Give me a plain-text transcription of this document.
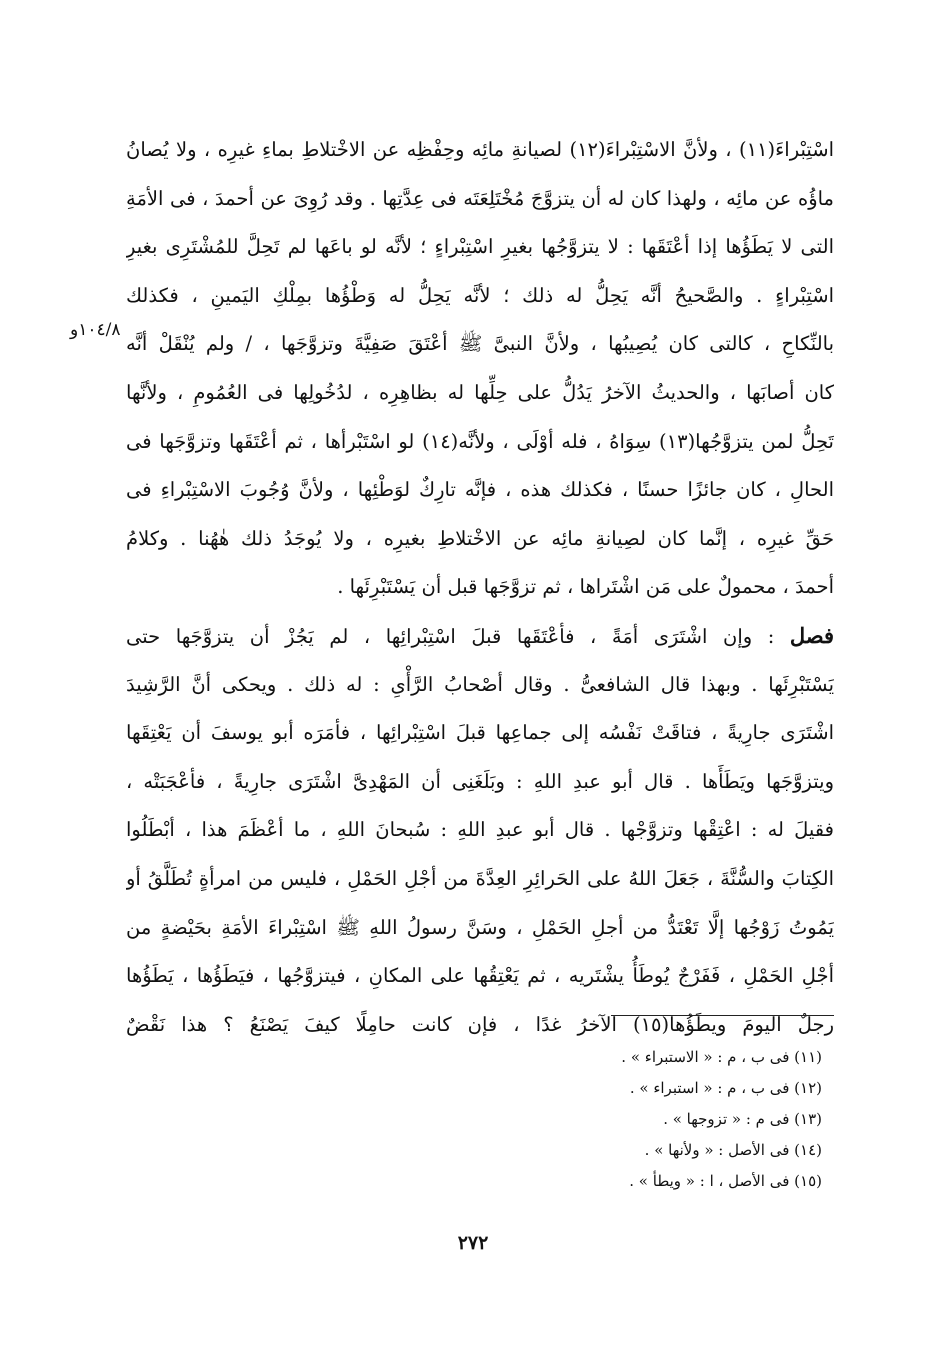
اسْتِبْراءَ(١١) ، ولأنَّ الاسْتِبْراءَ(١٢) لصيانةِ مائِه وحِفْظِه عن الاخْتلاطِ بماءِ غيرِه ، ولا يُصانُ
ماؤُه عن مائِه ، ولهذا كان له أن يتزوَّجَ مُخْتَلِعَتَه فى عِدَّتِها . وقد رُوِىَ عن أحمدَ ، فى الأمَةِ
التى لا يَطَؤُها إذا أعْتَقَها : لا يتزوَّجُها بغيرِ اسْتِبْراءٍ ؛ لأنَّه لو باعَها لم تَحِلَّ للمُشْتَرِى بغيرِ
اسْتِبْراءٍ . والصَّحيحُ أنَّه يَحِلُّ له ذلك ؛ لأنَّه يَحِلُّ له وَطْؤُها بمِلْكِ اليَمينِ ، فكذلك
بالنِّكاحِ ، كالتى كان يُصِيبُها ، ولأنَّ النبىَّ ﷺ أعْتَقَ صَفِيَّةَ وتزوَّجَها ، / ولم يُنْقَلْ أنَّه
كان أصابَها ، والحديثُ الآخرُ يَدُلُّ على حِلِّها له بظاهِرِه ، لدُخُولِها فى العُمُومِ ، ولأنَّها
تَحِلُّ لمن يتزوَّجُها(١٣) سِوَاهُ ، فله أوْلَى ، ولأنَّه(١٤) لو اسْتَبْرأها ، ثم أعْتَقَها وتزوَّجَها فى
الحالِ ، كان جائزًا حسنًا ، فكذلك هذه ، فإنَّه تارِكٌ لوَطْئِها ، ولأنَّ وُجُوبَ الاسْتِبْراءِ فى
حَقِّ غيرِه ، إنَّما كان لصِيانةِ مائِه عن الاخْتلاطِ بغيرِه ، ولا يُوجَدُ ذلك هٰهُنا . وكلامُ
أحمدَ ، محمولٌ على مَن اشْتَراها ، ثم تزوَّجَها قبل أن يَسْتَبْرِئَها .
فصل : وإن اشْتَرَى أمَةً ، فأعْتَقَها قبلَ اسْتِبْرائِها ، لم يَجُزْ أن يتزوَّجَها حتى
يَسْتَبْرِئَها . وبهذا قال الشافعىُّ . وقال أصْحابُ الرَّأْىِ : له ذلك . ويحكى أنَّ الرَّشِيدَ
اشْتَرَى جارِيةً ، فتاقَتْ نَفْسُه إلى جماعِها قبلَ اسْتِبْرائِها ، فأمَرَه أبو يوسفَ أن يَعْتِقَها
ويتزوَّجَها ويَطَأَها . قال أبو عبدِ اللهِ : وبَلَغَنِى أن المَهْدِىَّ اشْتَرَى جارِيةً ، فأعْجَبَتْه ،
فقيلَ له : اعْتِقْها وتزوَّجْها . قال أبو عبدِ اللهِ : سُبحانَ اللهِ ، ما أعْظَمَ هذا ، أبْطَلُوا
الكِتابَ والسُّنَّةَ ، جَعَلَ اللهُ على الحَرائِرِ العِدَّةَ من أجْلِ الحَمْلِ ، فليس من امرأةٍ تُطَلَّقُ أو
يَمُوتُ زَوْجُها إلَّا تَعْتَدُّ من أجلِ الحَمْلِ ، وسَنَّ رسولُ اللهِ ﷺ اسْتِبْراءَ الأمَةِ بحَيْضةٍ من
أجْلِ الحَمْلِ ، فَفَرْجٌ يُوطَأُ يشْتَريه ، ثم يَعْتِقُها على المكانِ ، فيتزوَّجُها ، فيَطَؤُها ، يَطَؤُها
رجلٌ اليومَ ويطَؤُها(١٥) الآخرُ غدًا ، فإن كانت حامِلًا كيفَ يَصْنَعُ ؟ هذا نَقْضٌ
١٠٤/٨و
(١١) فى ب ، م : « الاستبراء » .
(١٢) فى ب ، م : « استبراء » .
(١٣) فى م : « تزوجها » .
(١٤) فى الأصل : « ولأنها » .
(١٥) فى الأصل ، ا : « ويطأ » .
٢٧٢
